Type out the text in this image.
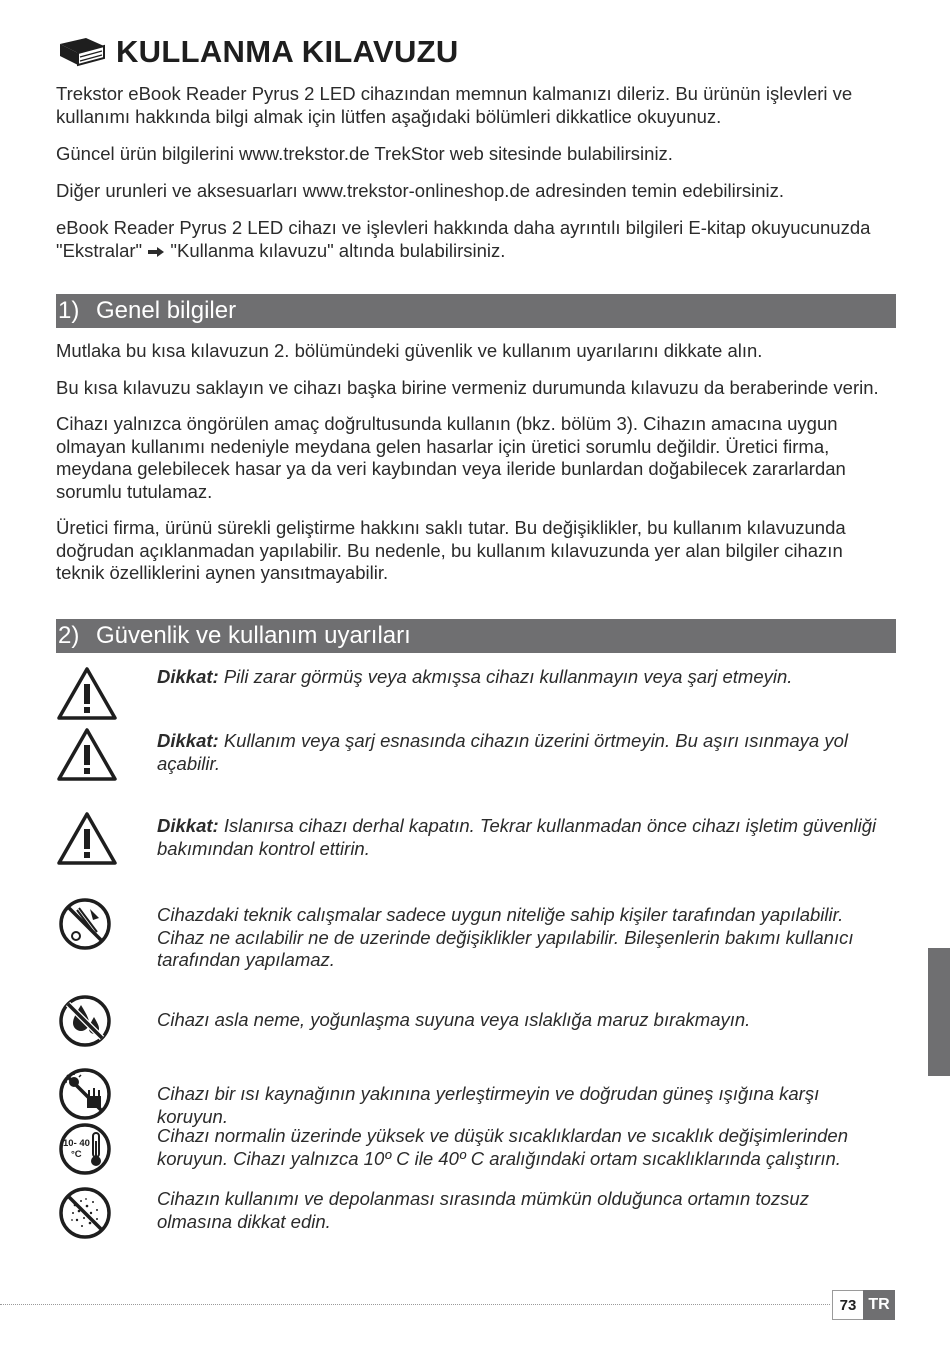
KULLANMA KILAVUZU

Trekstor eBook Reader Pyrus 2 LED cihazından memnun kalmanızı dileriz. Bu ürünün işlevleri ve kullanımı hakkında bilgi almak için lütfen aşağıdaki bölümleri dikkatlice okuyunuz.

Güncel ürün bilgilerini www.trekstor.de TrekStor web sitesinde bulabilirsiniz.

Diğer urunleri ve aksesuarları www.trekstor-onlineshop.de adresinden temin edebilirsiniz.

eBook Reader Pyrus 2 LED cihazı ve işlevleri hakkında daha ayrıntılı bilgileri E-kitap okuyucunuzda "Ekstralar" "Kullanma kılavuzu" altında bulabilirsiniz.

1) Genel bilgiler

Mutlaka bu kısa kılavuzun 2. bölümündeki güvenlik ve kullanım uyarılarını dikkate alın.

Bu kısa kılavuzu saklayın ve cihazı başka birine vermeniz durumunda kılavuzu da beraberinde verin.

Cihazı yalnızca öngörülen amaç doğrultusunda kullanın (bkz. bölüm 3). Cihazın amacına uygun olmayan kullanımı nedeniyle meydana gelen hasarlar için üretici sorumlu değildir. Üretici firma, meydana gelebilecek hasar ya da veri kaybından veya ileride bunlardan doğabilecek zararlardan sorumlu tutulamaz.

Üretici firma, ürünü sürekli geliştirme hakkını saklı tutar. Bu değişiklikler, bu kullanım kılavuzunda doğrudan açıklanmadan yapılabilir. Bu nedenle, bu kullanım kılavuzunda yer alan bilgiler cihazın teknik özelliklerini aynen yansıtmayabilir.

2) Güvenlik ve kullanım uyarıları
Dikkat: Pili zarar görmüş veya akmışsa cihazı kullanmayın veya şarj etmeyin.
Dikkat: Kullanım veya şarj esnasında cihazın üzerini örtmeyin. Bu aşırı ısınmaya yol açabilir.
Dikkat: Islanırsa cihazı derhal kapatın. Tekrar kullanmadan önce cihazı işletim güvenliği bakımından kontrol ettirin.
Cihazdaki teknik calışmalar sadece uygun niteliğe sahip kişiler tarafından yapılabilir. Cihaz ne acılabilir ne de uzerinde değişiklikler yapılabilir. Bileşenlerin bakımı kullanıcı tarafından yapılamaz.
Cihazı asla neme, yoğunlaşma suyuna veya ıslaklığa maruz bırakmayın.
Cihazı bir ısı kaynağının yakınına yerleştirmeyin ve doğrudan güneş ışığına karşı koruyun.
10- 40
°C
Cihazı normalin üzerinde yüksek ve düşük sıcaklıklardan ve sıcaklık değişimlerinden koruyun. Cihazı yalnızca 10º C ile 40º C aralığındaki ortam sıcaklıklarında çalıştırın.
Cihazın kullanımı ve depolanması sırasında mümkün olduğunca ortamın tozsuz olmasına dikkat edin.
73 TR
